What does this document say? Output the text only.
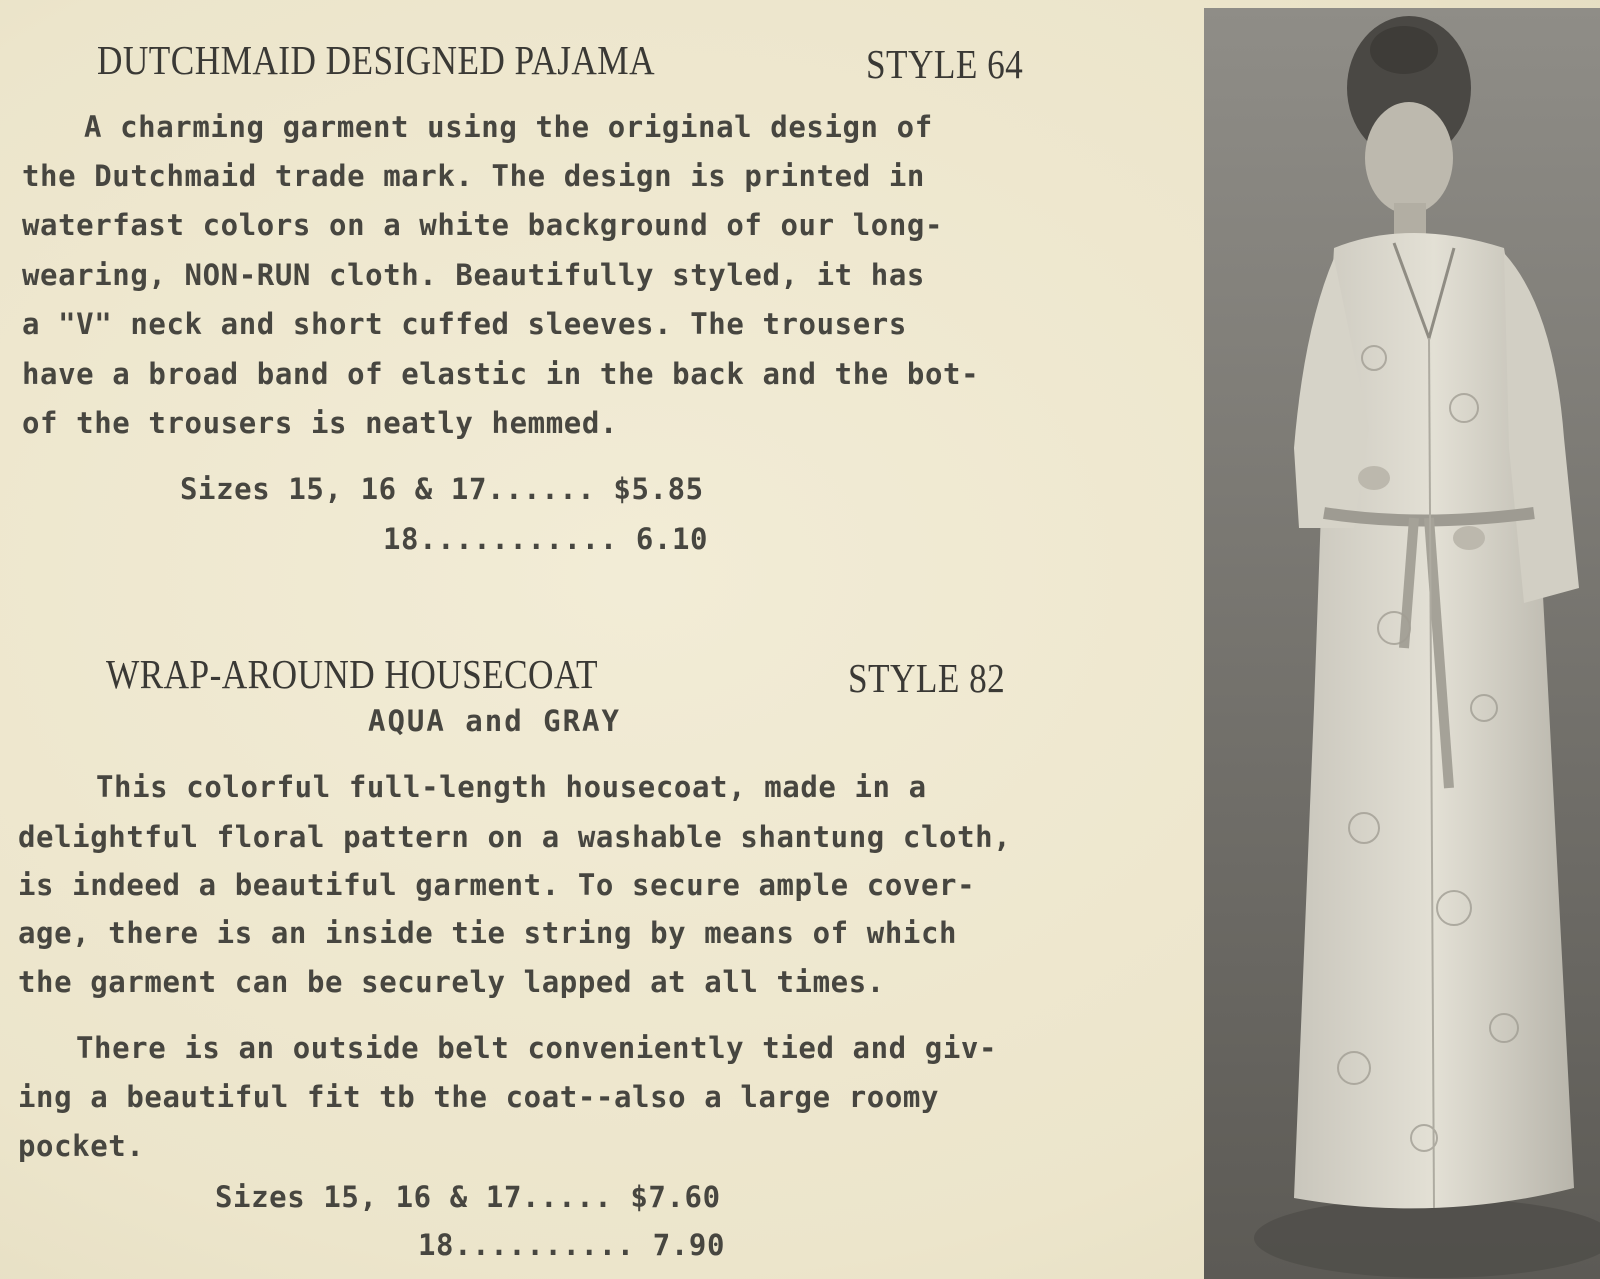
DUTCHMAID DESIGNED PAJAMA	STYLE 64
A charming garment using the original design of
the Dutchmaid trade mark. The design is printed in
waterfast colors on a white background of our long-
wearing, NON-RUN cloth. Beautifully styled, it has
a "V" neck and short cuffed sleeves. The trousers
have a broad band of elastic in the back and the bot-
of the trousers is neatly hemmed.
Sizes 15, 16 & 17...... $5.85
18........... 6.10
WRAP-AROUND HOUSECOAT	STYLE 82
AQUA and GRAY
This colorful full-length housecoat, made in a
delightful floral pattern on a washable shantung cloth,
is indeed a beautiful garment. To secure ample cover-
age, there is an inside tie string by means of which
the garment can be securely lapped at all times.
There is an outside belt conveniently tied and giv-
ing a beautiful fit tb the coat--also a large roomy
pocket.
Sizes 15, 16 & 17..... $7.60
18.......... 7.90
